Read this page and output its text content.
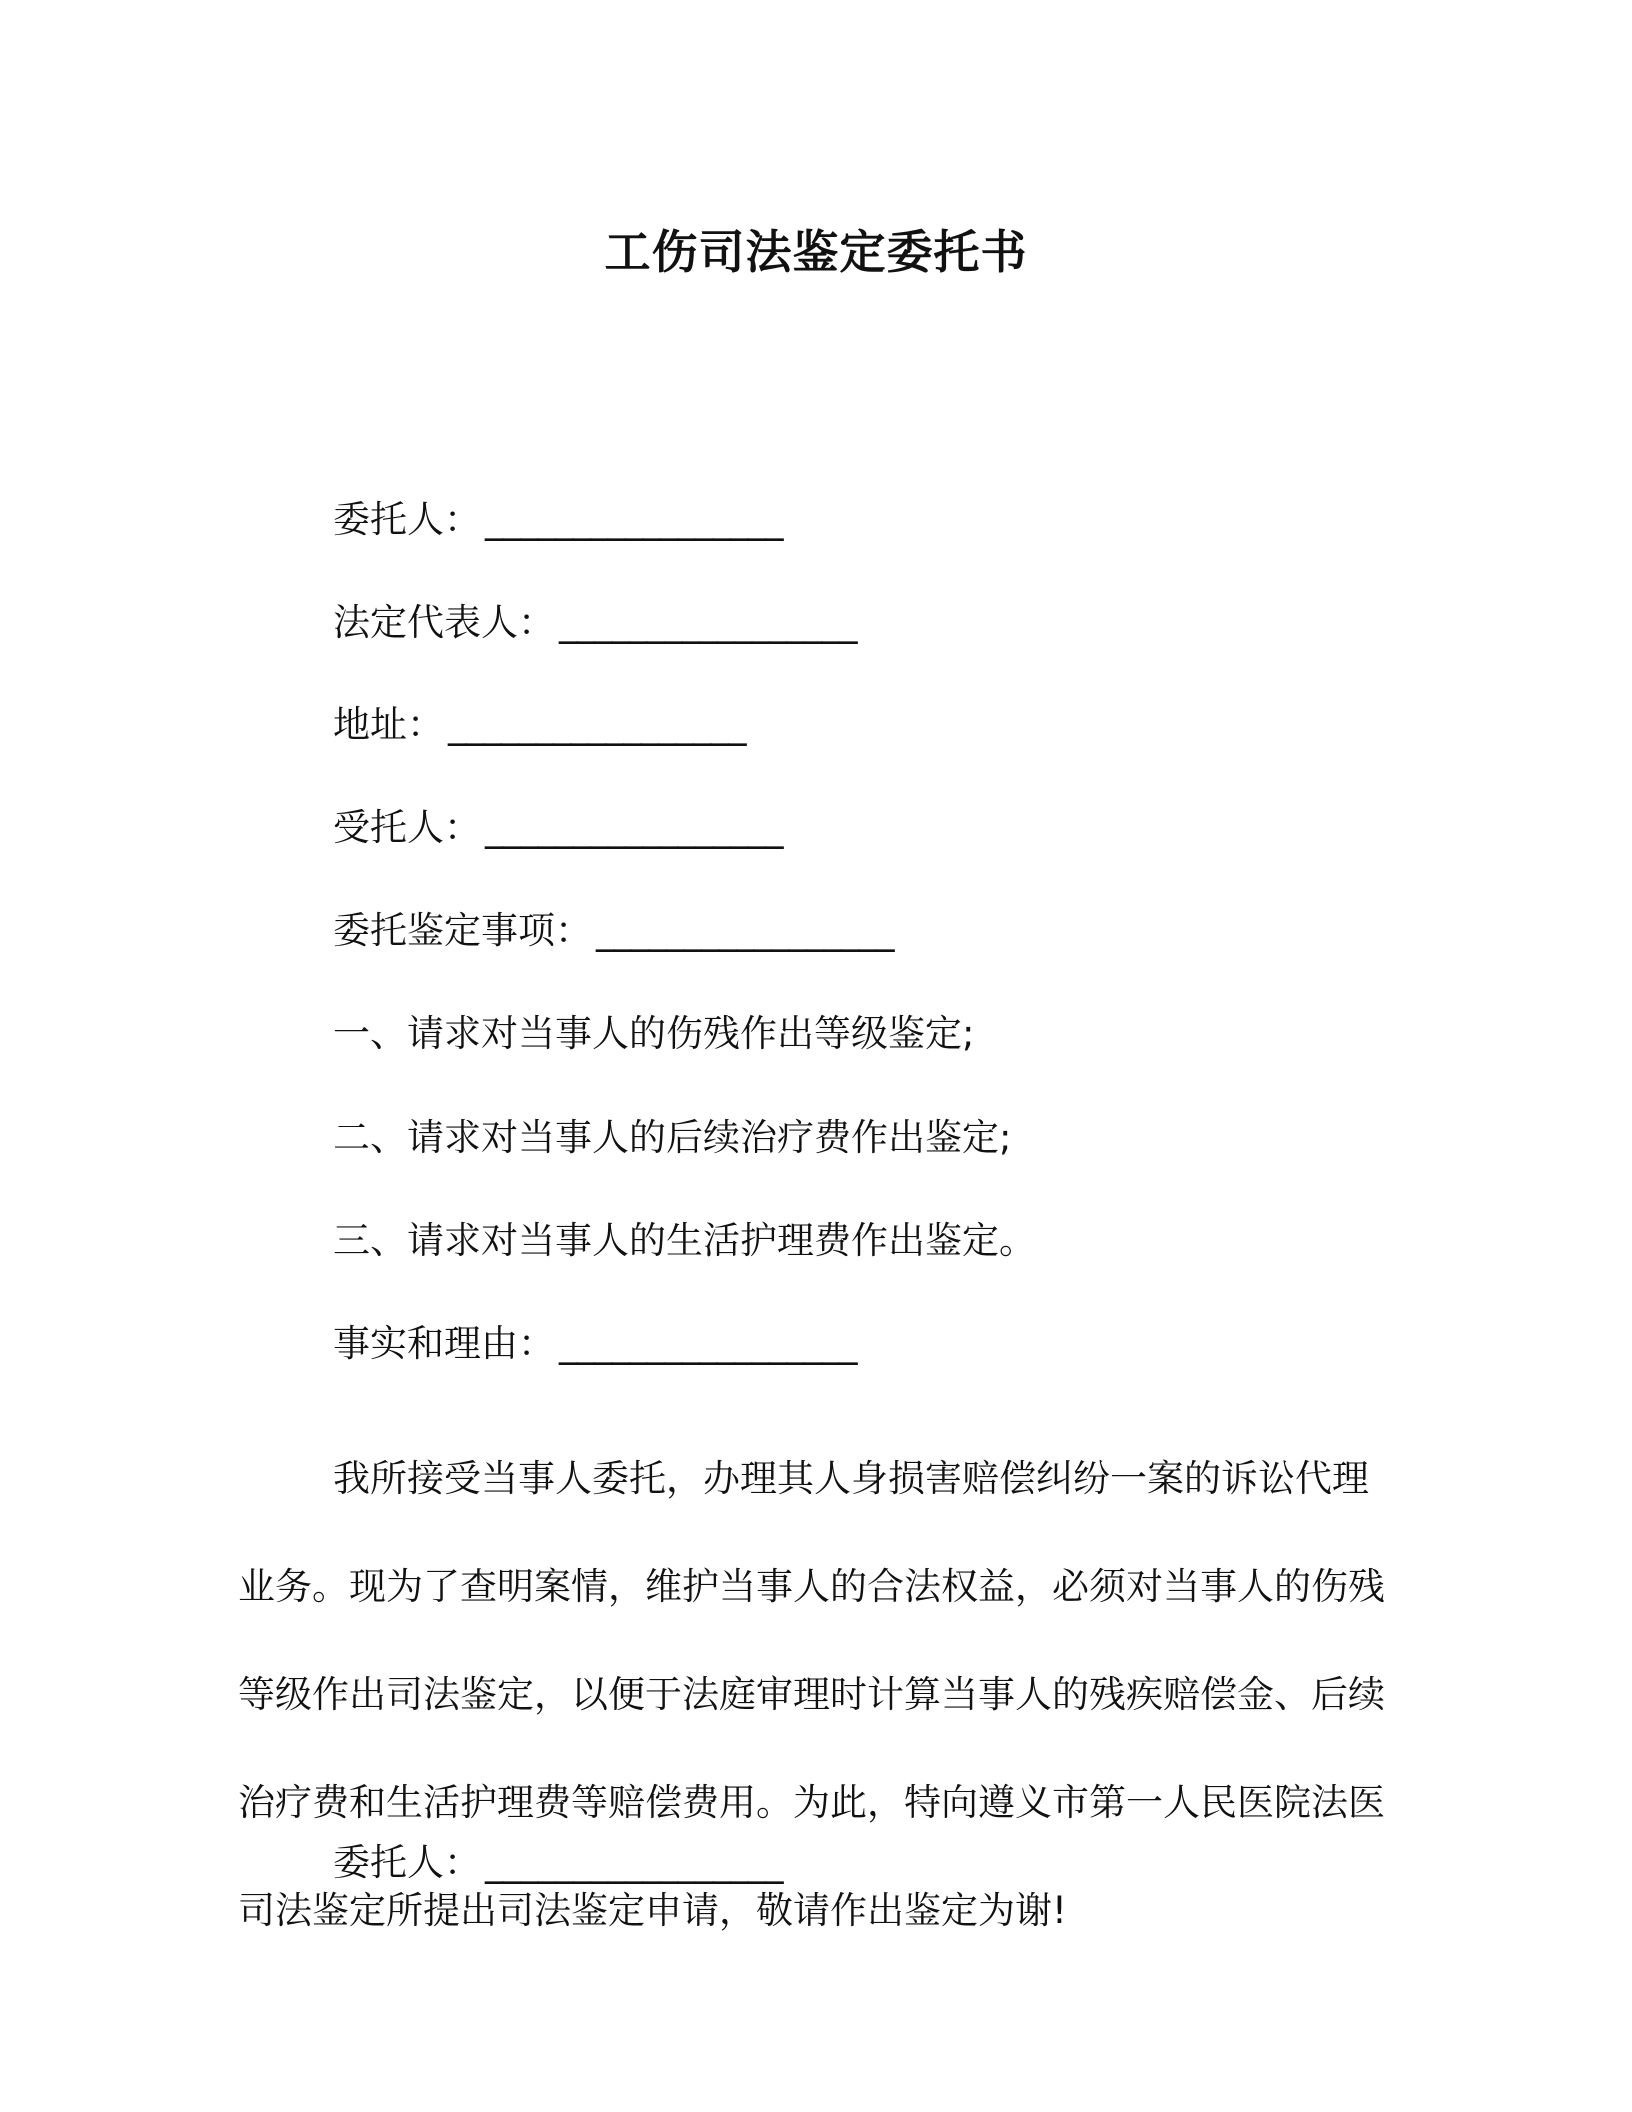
工伤司法鉴定委托书
委托人： _________________
法定代表人： _________________
地址： _________________
受托人： _________________
委托鉴定事项： _________________
一、请求对当事人的伤残作出等级鉴定;
二、请求对当事人的后续治疗费作出鉴定;
三、请求对当事人的生活护理费作出鉴定。
事实和理由： _________________

我所接受当事人委托，办理其人身损害赔偿纠纷一案的诉讼代理业务。现为了查明案情，维护当事人的合法权益，必须对当事人的伤残等级作出司法鉴定，以便于法庭审理时计算当事人的残疾赔偿金、后续治疗费和生活护理费等赔偿费用。为此，特向遵义市第一人民医院法医司法鉴定所提出司法鉴定申请，敬请作出鉴定为谢!

委托人： _________________
